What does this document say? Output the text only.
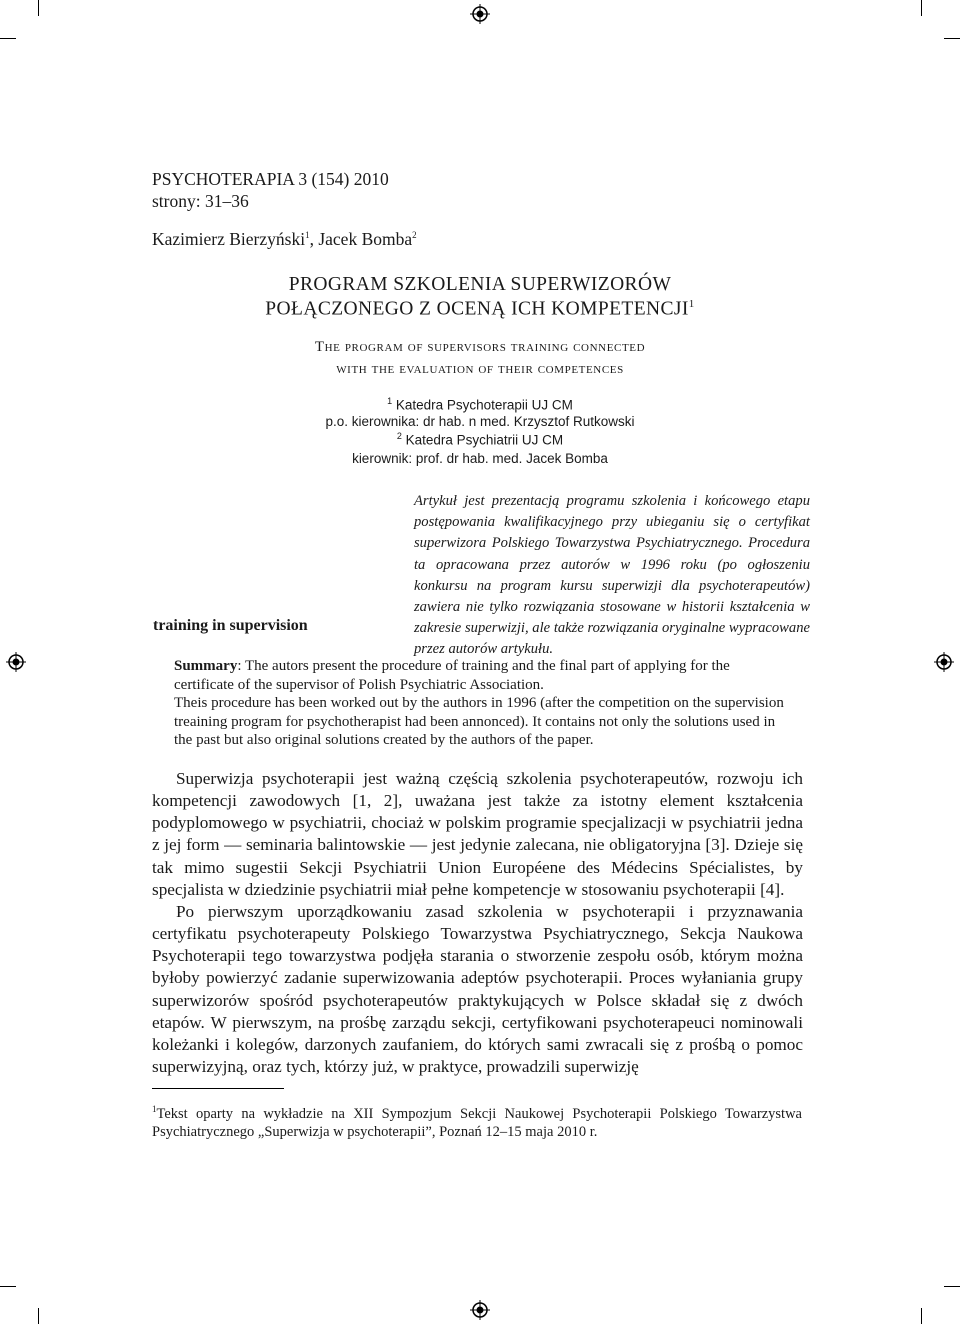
PSYCHOTERAPIA 3 (154) 2010
strony: 31–36
Kazimierz Bierzyński$^1$, Jacek Bomba$^2$
PROGRAM SZKOLENIA SUPERWIZORÓW
POŁĄCZONEGO Z OCENĄ ICH KOMPETENCJI$^1$
The program of supervisors training connected
with the evaluation of their competences
$^1$ Katedra Psychoterapii UJ CM
p.o. kierownika: dr hab. n med. Krzysztof Rutkowski
$^2$ Katedra Psychiatrii UJ CM
kierownik: prof. dr hab. med. Jacek Bomba
training in supervision
Artykuł jest prezentacją programu szkolenia i końcowego etapu postępowania kwalifikacyjnego przy ubieganiu się o certyfikat superwizora Polskiego Towarzystwa Psychiatrycznego. Procedura ta opracowana przez autorów w 1996 roku (po ogłoszeniu konkursu na program kursu superwizji dla psychoterapeutów) zawiera nie tylko rozwiązania stosowane w historii kształcenia w zakresie superwizji, ale także rozwiązania oryginalne wypracowane przez autorów artykułu.

Summary: The autors present the procedure of training and the final part of applying for the certificate of the supervisor of Polish Psychiatric Association.

Theis procedure has been worked out by the authors in 1996 (after the competition on the supervision treaining program for psychotherapist had been annonced). It contains not only the solutions used in the past but also original solutions created by the authors of the paper.

Superwizja psychoterapii jest ważną częścią szkolenia psychoterapeutów, rozwoju ich kompetencji zawodowych [1, 2], uważana jest także za istotny element kształcenia podyplomowego w psychiatrii, chociaż w polskim programie specjalizacji w psychiatrii jedna z jej form — seminaria balintowskie — jest jedynie zalecana, nie obligatoryjna [3]. Dzieje się tak mimo sugestii Sekcji Psychiatrii Union Européene des Médecins Spécialistes, by specjalista w dziedzinie psychiatrii miał pełne kompetencje w stosowaniu psychoterapii [4].

Po pierwszym uporządkowaniu zasad szkolenia w psychoterapii i przyznawania certyfikatu psychoterapeuty Polskiego Towarzystwa Psychiatrycznego, Sekcja Naukowa Psychoterapii tego towarzystwa podjęła starania o stworzenie zespołu osób, którym można byłoby powierzyć zadanie superwizowania adeptów psychoterapii. Proces wyłaniania grupy superwizorów spośród psychoterapeutów praktykujących w Polsce składał się z dwóch etapów. W pierwszym, na prośbę zarządu sekcji, certyfikowani psychoterapeuci nominowali koleżanki i kolegów, darzonych zaufaniem, do których sami zwracali się z prośbą o pomoc superwizyjną, oraz tych, którzy już, w praktyce, prowadzili superwizję

$^1$Tekst oparty na wykładzie na XII Sympozjum Sekcji Naukowej Psychoterapii Polskiego Towarzystwa Psychiatrycznego „Superwizja w psychoterapii”, Poznań 12–15 maja 2010 r.
